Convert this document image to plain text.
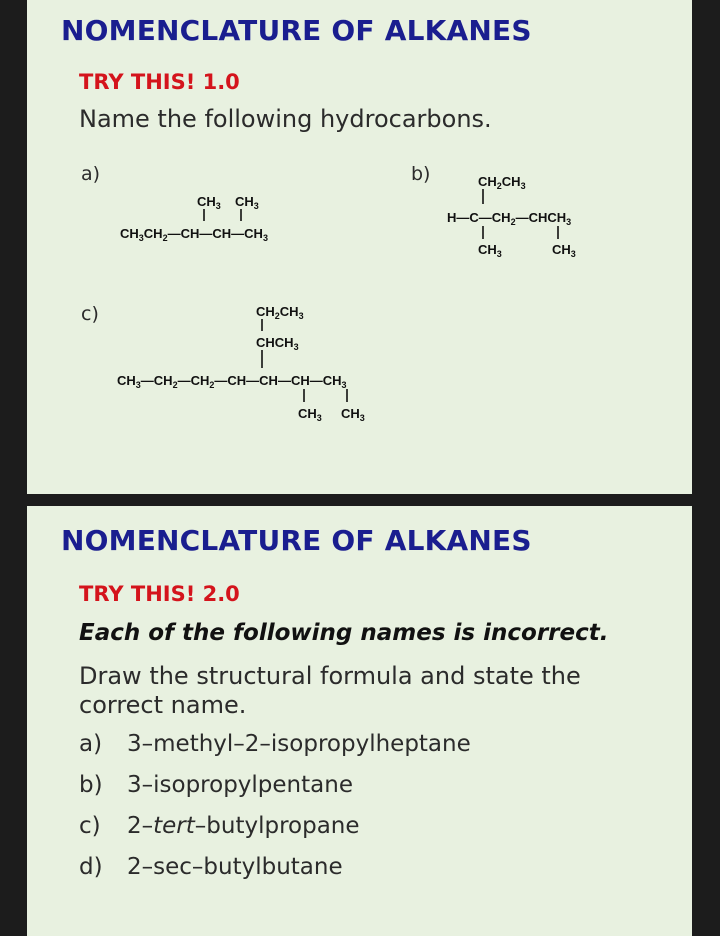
NOMENCLATURE OF ALKANES
TRY THIS! 1.0
Name the following hydrocarbons.
a)	b)
c)
$CH_3$ $CH_3$
$CH_3CH_2—CH—CH—CH_3$
$CH_2CH_3$
$H—C—CH_2—CHCH_3$
$CH_3$	$CH_3$
$CH_2CH_3$
$CHCH_3$
$CH_3—CH_2—CH_2—CH—CH—CH—CH_3$
$CH_3$ $CH_3$
NOMENCLATURE OF ALKANES
TRY THIS! 2.0
Each of the following names is incorrect.
Draw the structural formula and state the correct name.
a) 3–methyl–2–isopropylheptane
b) 3–isopropylpentane
c) 2–tert–butylpropane
d) 2–sec–butylbutane
